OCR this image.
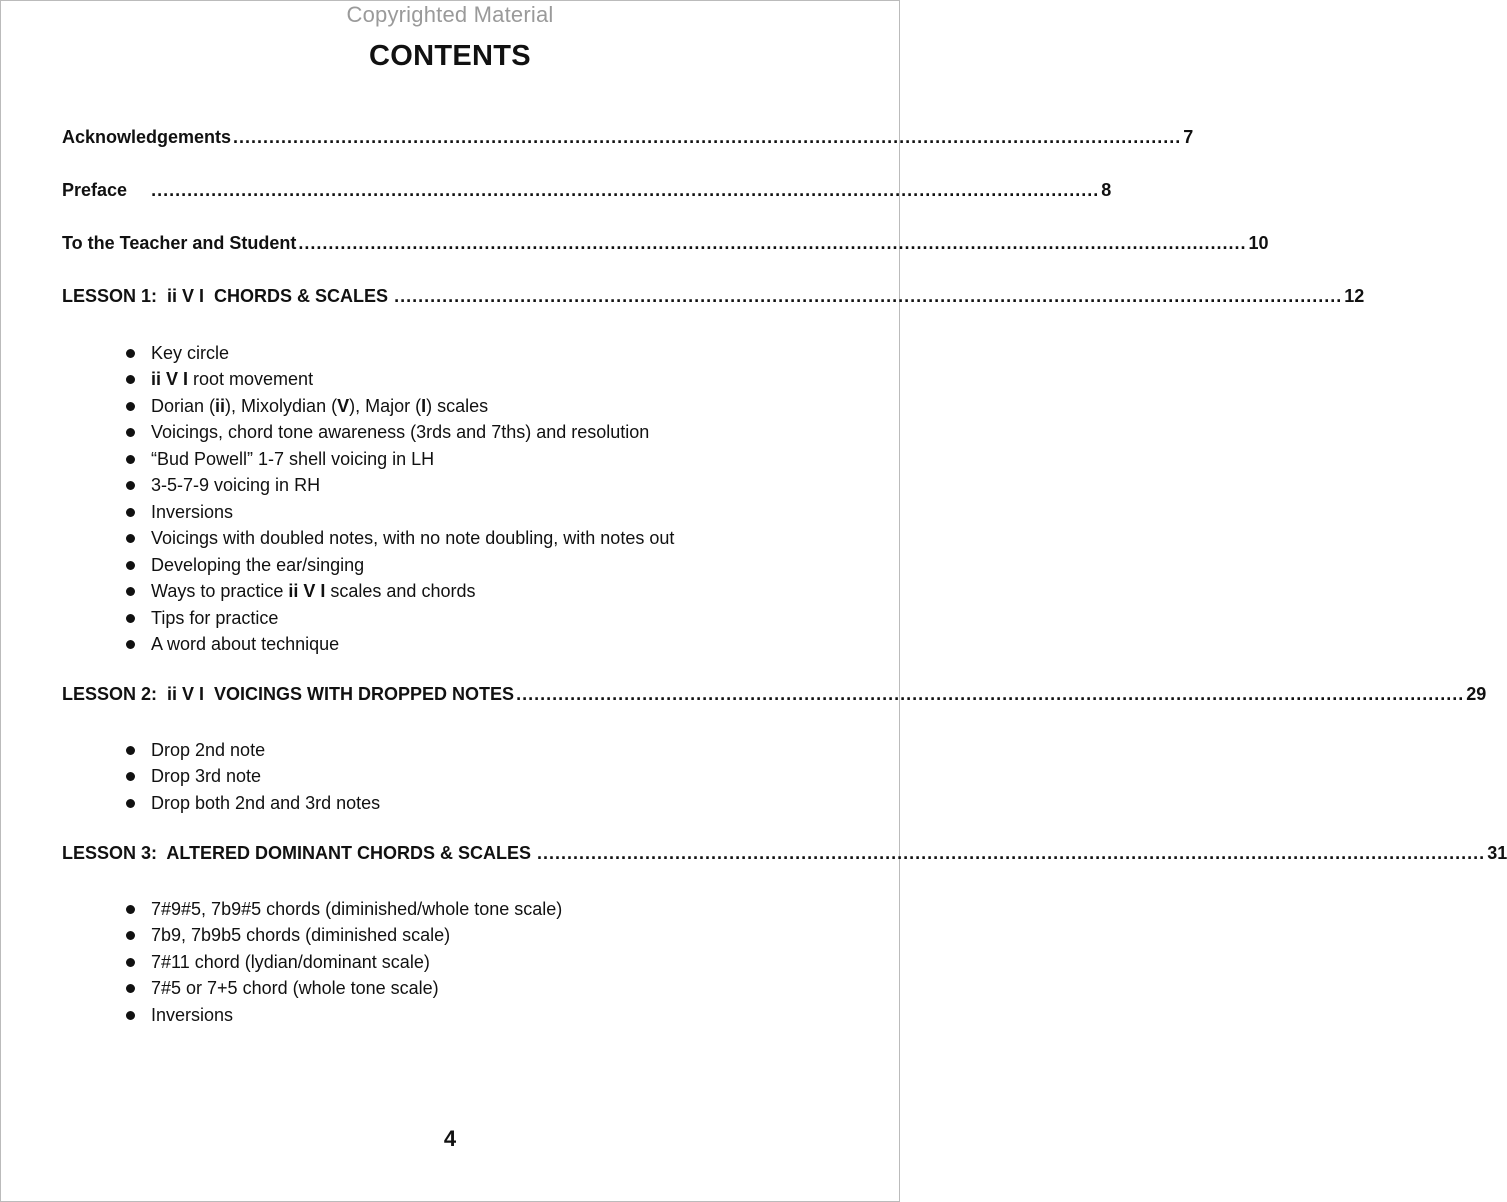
Copyrighted Material
CONTENTS
Acknowledgements .............................................................................................................................................................. 7
Preface .............................................................................................................................................................. 8
To the Teacher and Student .............................................................................................................................................................. 10
LESSON 1:  ii V I  CHORDS & SCALES .............................................................................................................................................................. 12
Key circle
ii V I root movement
Dorian ( ii ), Mixolydian ( V ), Major ( I ) scales
Voicings, chord tone awareness (3rds and 7ths) and resolution
“Bud Powell” 1-7 shell voicing in LH
3-5-7-9 voicing in RH
Inversions
Voicings with doubled notes, with no note doubling, with notes out
Developing the ear/singing
Ways to practice ii V I scales and chords
Tips for practice
A word about technique
LESSON 2:  ii V I  VOICINGS WITH DROPPED NOTES .............................................................................................................................................................. 29
Drop 2nd note
Drop 3rd note
Drop both 2nd and 3rd notes
LESSON 3:  ALTERED DOMINANT CHORDS & SCALES .............................................................................................................................................................. 31
7#9#5, 7b9#5 chords (diminished/whole tone scale)
7b9, 7b9b5 chords (diminished scale)
7#11 chord (lydian/dominant scale)
7#5 or 7+5 chord (whole tone scale)
Inversions
4
